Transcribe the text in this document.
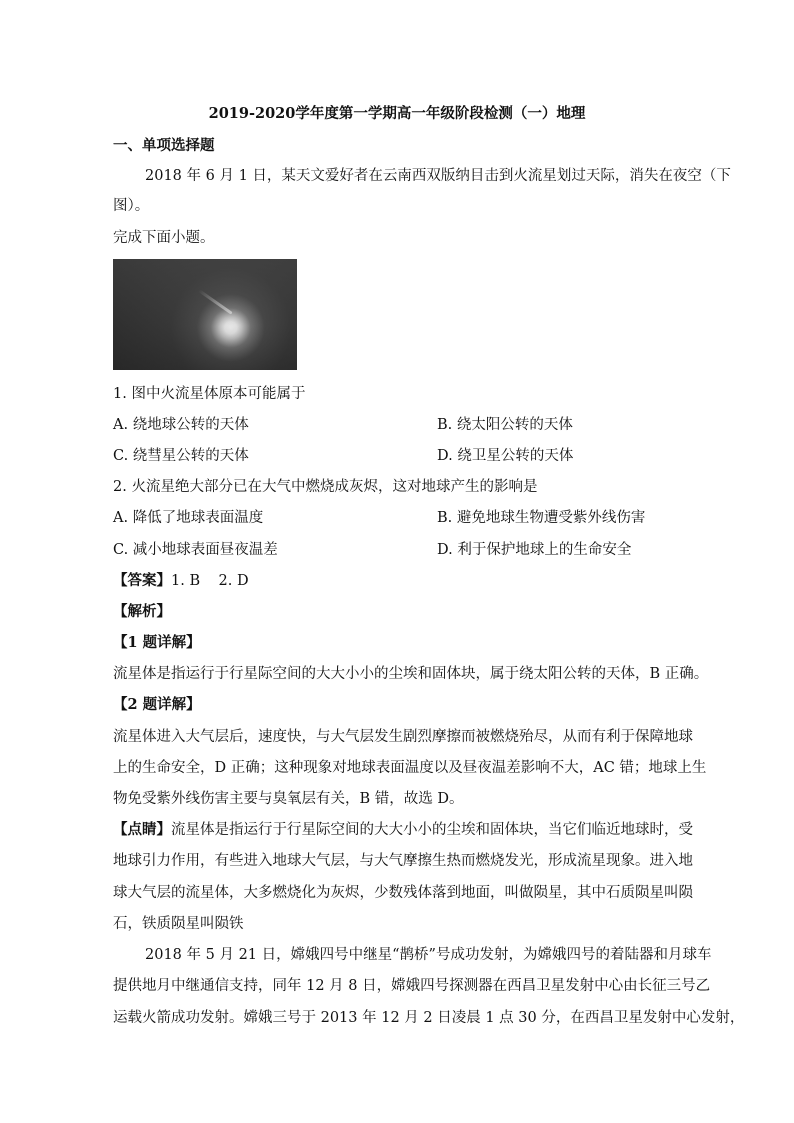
2019-2020学年度第一学期高一年级阶段检测（一）地理
一、单项选择题
2018 年 6 月 1 日，某天文爱好者在云南西双版纳目击到火流星划过天际，消失在夜空（下
图）。
完成下面小题。
1. 图中火流星体原本可能属于
A. 绕地球公转的天体	B. 绕太阳公转的天体
C. 绕彗星公转的天体	D. 绕卫星公转的天体
2. 火流星绝大部分已在大气中燃烧成灰烬，这对地球产生的影响是
A. 降低了地球表面温度	B. 避免地球生物遭受紫外线伤害
C. 减小地球表面昼夜温差	D. 利于保护地球上的生命安全
【答案】1. B    2. D
【解析】
【1 题详解】
流星体是指运行于行星际空间的大大小小的尘埃和固体块，属于绕太阳公转的天体，B 正确。
【2 题详解】
流星体进入大气层后，速度快，与大气层发生剧烈摩擦而被燃烧殆尽，从而有利于保障地球
上的生命安全，D 正确；这种现象对地球表面温度以及昼夜温差影响不大，AC 错；地球上生
物免受紫外线伤害主要与臭氧层有关，B 错，故选 D。
【点睛】流星体是指运行于行星际空间的大大小小的尘埃和固体块，当它们临近地球时，受
地球引力作用，有些进入地球大气层，与大气摩擦生热而燃烧发光，形成流星现象。进入地
球大气层的流星体，大多燃烧化为灰烬，少数残体落到地面，叫做陨星，其中石质陨星叫陨
石，铁质陨星叫陨铁
2018 年 5 月 21 日，嫦娥四号中继星“鹊桥”号成功发射，为嫦娥四号的着陆器和月球车
提供地月中继通信支持，同年 12 月 8 日，嫦娥四号探测器在西昌卫星发射中心由长征三号乙
运载火箭成功发射。嫦娥三号于 2013 年 12 月 2 日凌晨 1 点 30 分，在西昌卫星发射中心发射，
